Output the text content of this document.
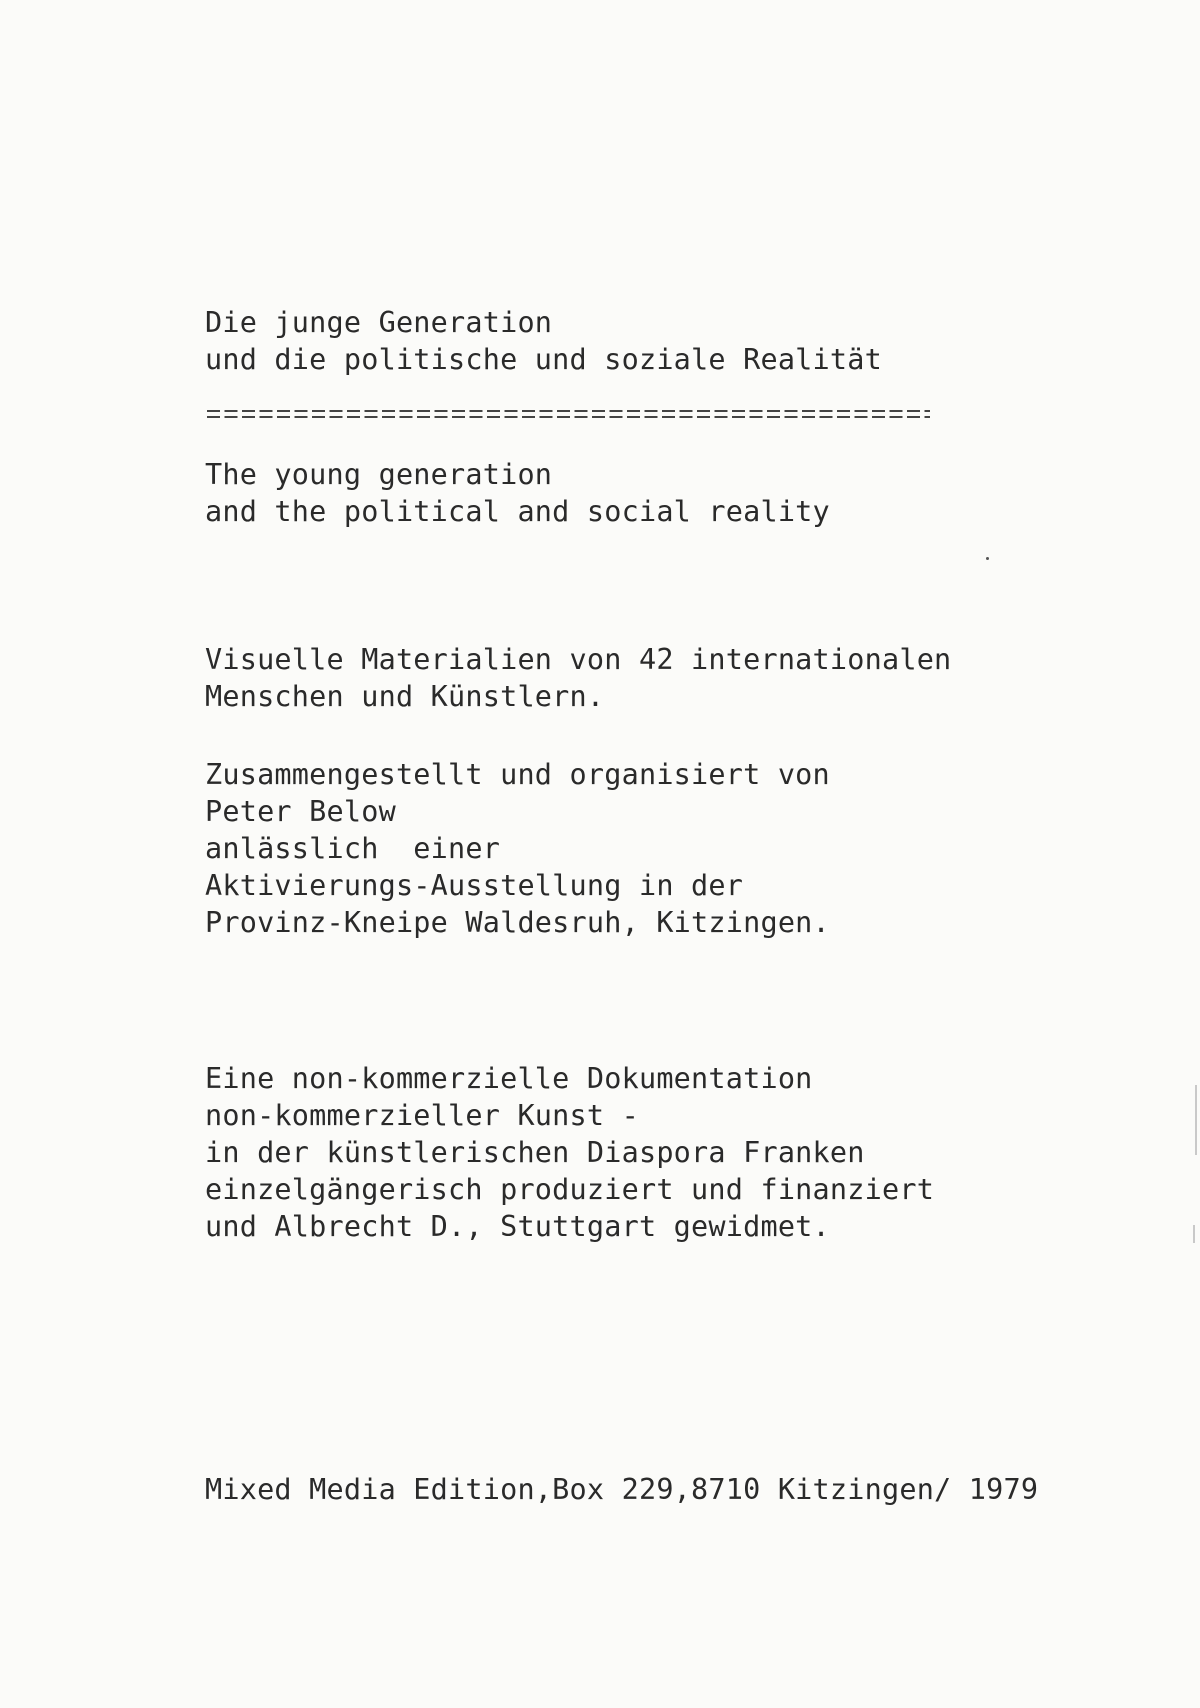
Die junge Generation
und die politische und soziale Realität
The young generation
and the political and social reality
Visuelle Materialien von 42 internationalen
Menschen und Künstlern.
Zusammengestellt und organisiert von
Peter Below
anlässlich  einer
Aktivierungs-Ausstellung in der
Provinz-Kneipe Waldesruh, Kitzingen.
Eine non-kommerzielle Dokumentation
non-kommerzieller Kunst -
in der künstlerischen Diaspora Franken
einzelgängerisch produziert und finanziert
und Albrecht D., Stuttgart gewidmet.
Mixed Media Edition,Box 229,8710 Kitzingen/ 1979
